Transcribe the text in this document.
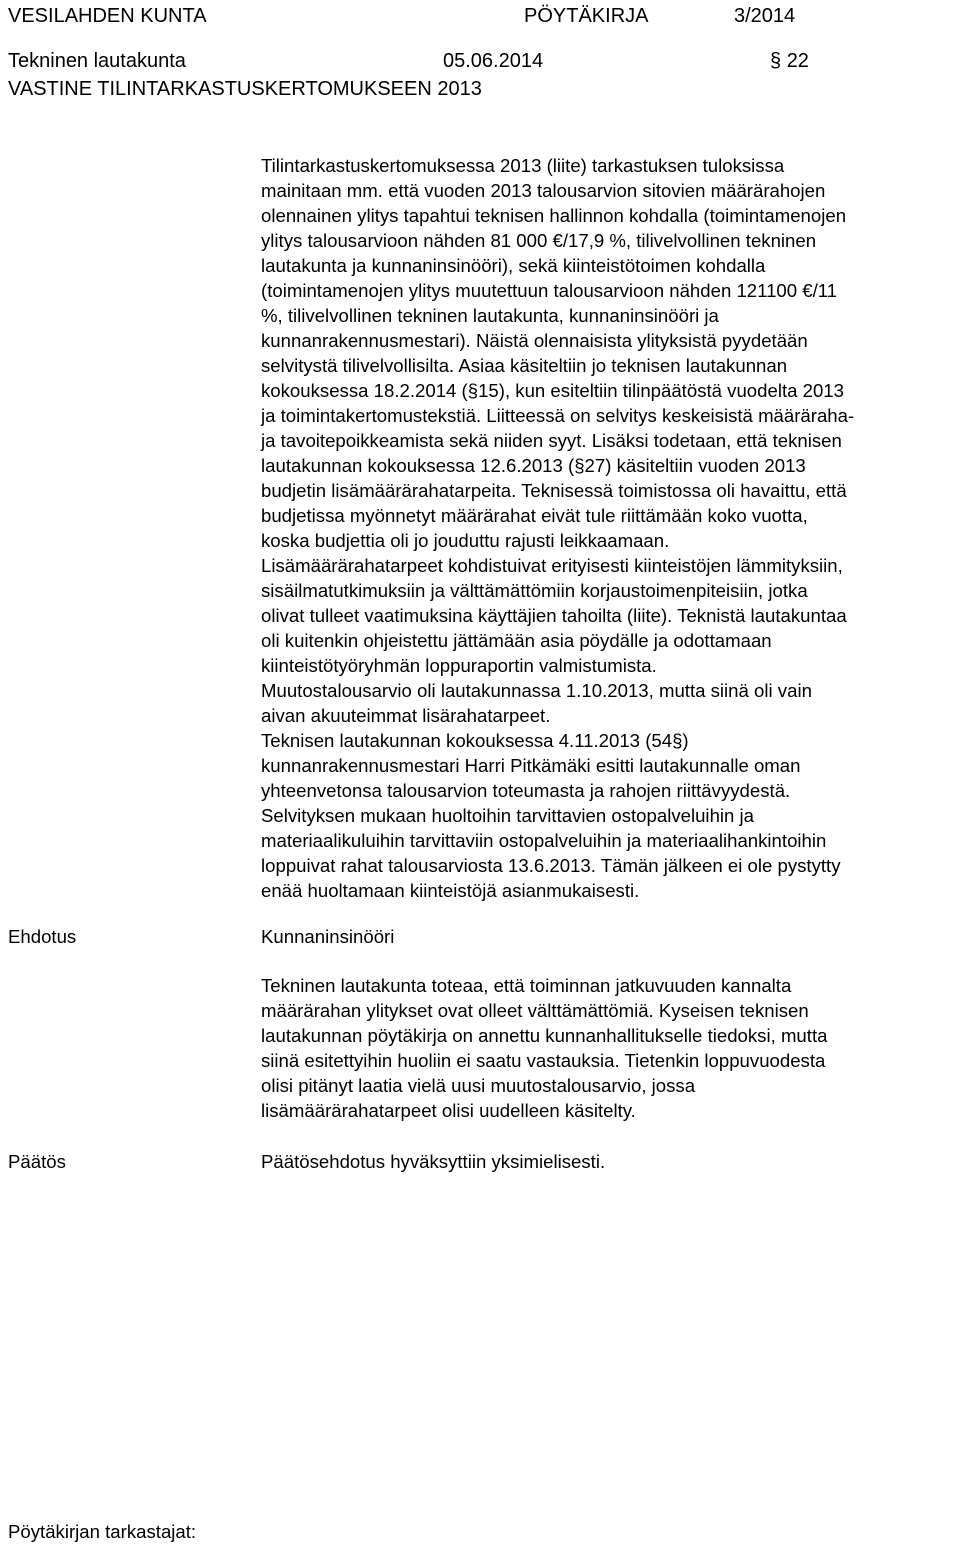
VESILAHDEN KUNTA	PÖYTÄKIRJA	3/2014
Tekninen lautakunta	05.06.2014	§ 22
VASTINE TILINTARKASTUSKERTOMUKSEEN 2013
Tilintarkastuskertomuksessa 2013 (liite) tarkastuksen tuloksissa
mainitaan mm. että vuoden 2013 talousarvion sitovien määrärahojen
olennainen ylitys tapahtui teknisen hallinnon kohdalla (toimintamenojen
ylitys talousarvioon nähden 81 000 €/17,9 %, tilivelvollinen tekninen
lautakunta ja kunnaninsinööri), sekä kiinteistötoimen kohdalla
(toimintamenojen ylitys muutettuun talousarvioon nähden 121100 €/11
%, tilivelvollinen tekninen lautakunta, kunnaninsinööri ja
kunnanrakennusmestari). Näistä olennaisista ylityksistä pyydetään
selvitystä tilivelvollisilta. Asiaa käsiteltiin jo teknisen lautakunnan
kokouksessa 18.2.2014 (§15), kun esiteltiin tilinpäätöstä vuodelta 2013
ja toimintakertomustekstiä. Liitteessä on selvitys keskeisistä määräraha-
ja tavoitepoikkeamista sekä niiden syyt. Lisäksi todetaan, että teknisen
lautakunnan kokouksessa 12.6.2013 (§27) käsiteltiin vuoden 2013
budjetin lisämäärärahatarpeita. Teknisessä toimistossa oli havaittu, että
budjetissa myönnetyt määrärahat eivät tule riittämään koko vuotta,
koska budjettia oli jo jouduttu rajusti leikkaamaan.
Lisämäärärahatarpeet kohdistuivat erityisesti kiinteistöjen lämmityksiin,
sisäilmatutkimuksiin ja välttämättömiin korjaustoimenpiteisiin, jotka
olivat tulleet vaatimuksina käyttäjien tahoilta (liite). Teknistä lautakuntaa
oli kuitenkin ohjeistettu jättämään asia pöydälle ja odottamaan
kiinteistötyöryhmän loppuraportin valmistumista.
Muutostalousarvio oli lautakunnassa 1.10.2013, mutta siinä oli vain
aivan akuuteimmat lisärahatarpeet.
Teknisen lautakunnan kokouksessa 4.11.2013 (54§)
kunnanrakennusmestari Harri Pitkämäki esitti lautakunnalle oman
yhteenvetonsa talousarvion toteumasta ja rahojen riittävyydestä.
Selvityksen mukaan huoltoihin tarvittavien ostopalveluihin ja
materiaalikuluihin tarvittaviin ostopalveluihin ja materiaalihankintoihin
loppuivat rahat talousarviosta 13.6.2013. Tämän jälkeen ei ole pystytty
enää huoltamaan kiinteistöjä asianmukaisesti.
Ehdotus	Kunnaninsinööri
Tekninen lautakunta toteaa, että toiminnan jatkuvuuden kannalta
määrärahan ylitykset ovat olleet välttämättömiä. Kyseisen teknisen
lautakunnan pöytäkirja on annettu kunnanhallitukselle tiedoksi, mutta
siinä esitettyihin huoliin ei saatu vastauksia. Tietenkin loppuvuodesta
olisi pitänyt laatia vielä uusi muutostalousarvio, jossa
lisämäärärahatarpeet olisi uudelleen käsitelty.
Päätös	Päätösehdotus hyväksyttiin yksimielisesti.
Pöytäkirjan tarkastajat:
